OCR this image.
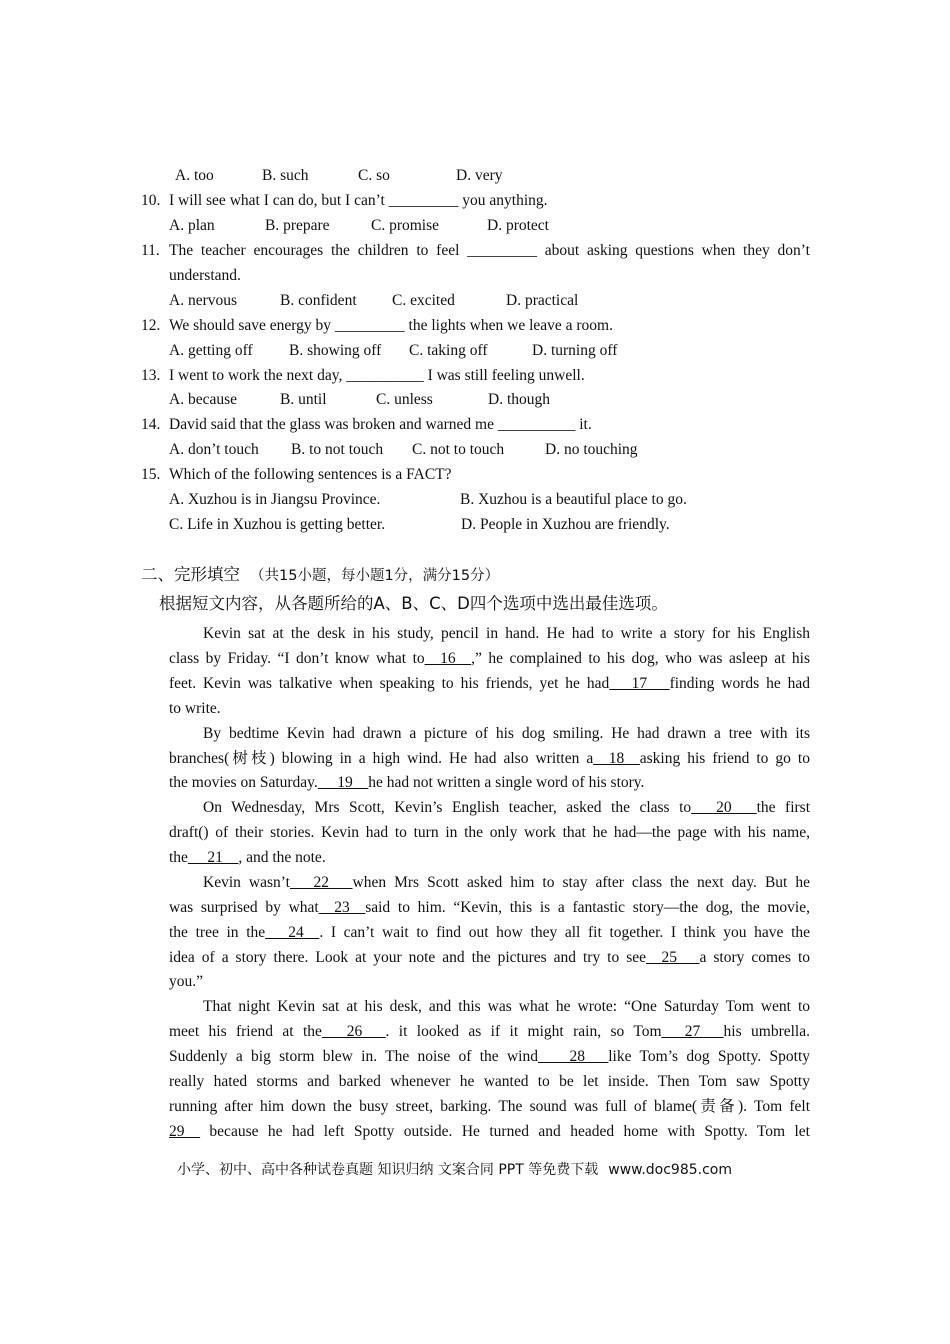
A. too	B. such	C. so	D. very
10. I will see what I can do, but I can’t _________ you anything.
A. plan	B. prepare	C. promise	D. protect
11. The teacher encourages the children to feel _________ about asking questions when they don’t
understand.
A. nervous	B. confident C. excited	D. practical
12. We should save energy by _________ the lights when we leave a room.
A. getting off B. showing off C. taking off	D. turning off
13. I went to work the next day, __________ I was still feeling unwell.
A. because	B. until	C. unless	D. though
14. David said that the glass was broken and warned me __________ it.
A. don’t touch B. to not touch C. not to touch	D. no touching
15. Which of the following sentences is a FACT?
A. Xuzhou is in Jiangsu Province.	B. Xuzhou is a beautiful place to go.
C. Life in Xuzhou is getting better.	D. People in Xuzhou are friendly.
二、完形填空 （共15小题，每小题1分，满分15分）
根据短文内容，从各题所给的A、B、C、D四个选项中选出最佳选项。
Kevin sat at the desk in his study, pencil in hand. He had to write a story for his English
class by Friday. “I don’t know what to__16__,” he complained to his dog, who was asleep at his
feet. Kevin was talkative when speaking to his friends, yet he had __17__ finding words he had
to write.
By bedtime Kevin had drawn a picture of his dog smiling. He had drawn a tree with its
branches(树枝) blowing in a high wind. He had also written a__18__asking his friend to go to
the movies on Saturday. __19__he had not written a single word of his story.
On Wednesday, Mrs Scott, Kevin’s English teacher, asked the class to __20__ the first
draft() of their stories. Kevin had to turn in the only work that he had—the page with his name,
the __21__, and the note.
Kevin wasn’t __22__ when Mrs Scott asked him to stay after class the next day. But he
was surprised by what__23__said to him. “Kevin, this is a fantastic story—the dog, the movie,
the tree in the __24__. I can’t wait to find out how they all fit together. I think you have the
idea of a story there. Look at your note and the pictures and try to see__25__ a story comes to
you.”
That night Kevin sat at his desk, and this was what he wrote: “One Saturday Tom went to
meet his friend at the __26___. it looked as if it might rain, so Tom___27___his umbrella.
Suddenly a big storm blew in. The noise of the wind ___28___like Tom’s dog Spotty. Spotty
really hated storms and barked whenever he wanted to be let inside. Then Tom saw Spotty
running after him down the busy street, barking. The sound was full of blame(责备). Tom felt
29__ because he had left Spotty outside. He turned and headed home with Spotty. Tom let
小学、初中、高中各种试卷真题 知识归纳 文案合同 PPT 等免费下载 www.doc985.com
